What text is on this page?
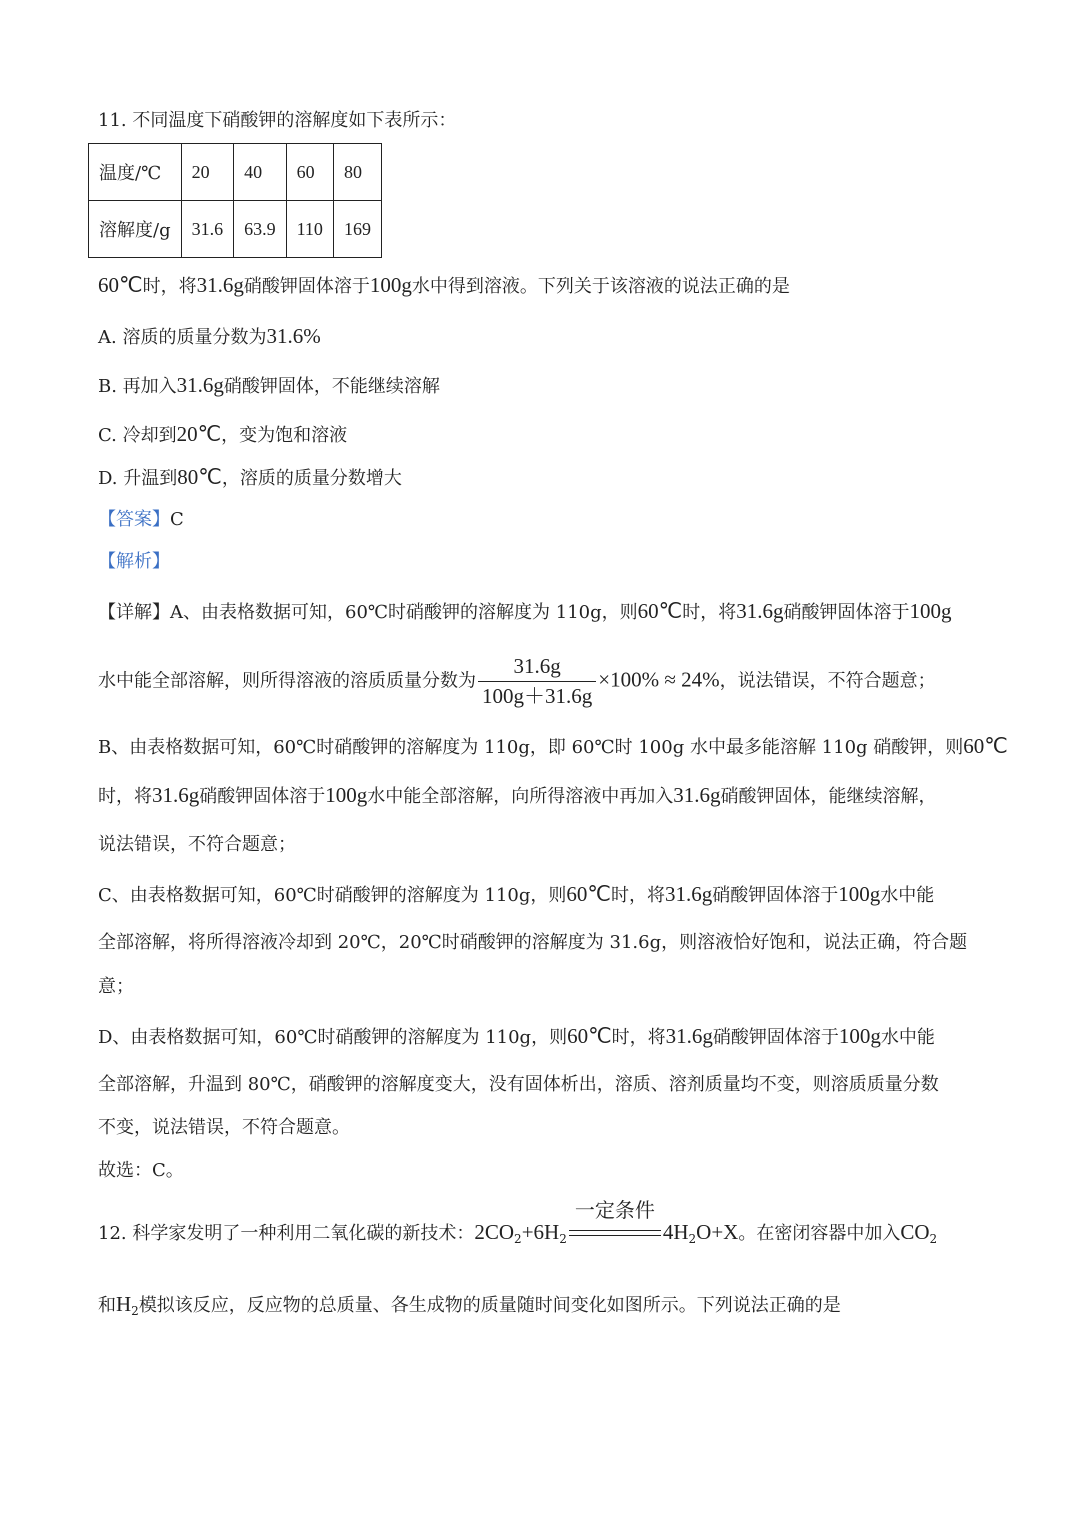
11. 不同温度下硝酸钾的溶解度如下表所示：
温度/℃	20	40	60	80
溶解度/g	31.6	63.9	110	169
60℃时，将31.6g硝酸钾固体溶于100g水中得到溶液。下列关于该溶液的说法正确的是
A. 溶质的质量分数为31.6%
B. 再加入31.6g硝酸钾固体，不能继续溶解
C. 冷却到20℃，变为饱和溶液
D. 升温到80℃，溶质的质量分数增大
【答案】C
【解析】
【详解】A、由表格数据可知，60℃时硝酸钾的溶解度为 110g，则60℃时，将31.6g硝酸钾固体溶于100g
水中能全部溶解，则所得溶液的溶质质量分数为 $\frac{31.6g}{100g+31.6g} \times 100\% \approx 24\%$，说法错误，不符合题意；
B、由表格数据可知，60℃时硝酸钾的溶解度为 110g，即 60℃时 100g 水中最多能溶解 110g 硝酸钾，则60℃
时，将31.6g硝酸钾固体溶于100g水中能全部溶解，向所得溶液中再加入31.6g硝酸钾固体，能继续溶解，
说法错误，不符合题意；
C、由表格数据可知，60℃时硝酸钾的溶解度为 110g，则60℃时，将31.6g硝酸钾固体溶于100g水中能
全部溶解，将所得溶液冷却到 20℃，20℃时硝酸钾的溶解度为 31.6g，则溶液恰好饱和，说法正确，符合题
意；
D、由表格数据可知，60℃时硝酸钾的溶解度为 110g，则60℃时，将31.6g硝酸钾固体溶于100g水中能
全部溶解，升温到 80℃，硝酸钾的溶解度变大，没有固体析出，溶质、溶剂质量均不变，则溶质质量分数
不变，说法错误，不符合题意。
故选：C。
12. 科学家发明了一种利用二氧化碳的新技术：$2CO_2+6H_2$
一定条件
$4H_2O+X$。在密闭容器中加入$CO_2$
和$H_2$模拟该反应，反应物的总质量、各生成物的质量随时间变化如图所示。下列说法正确的是
